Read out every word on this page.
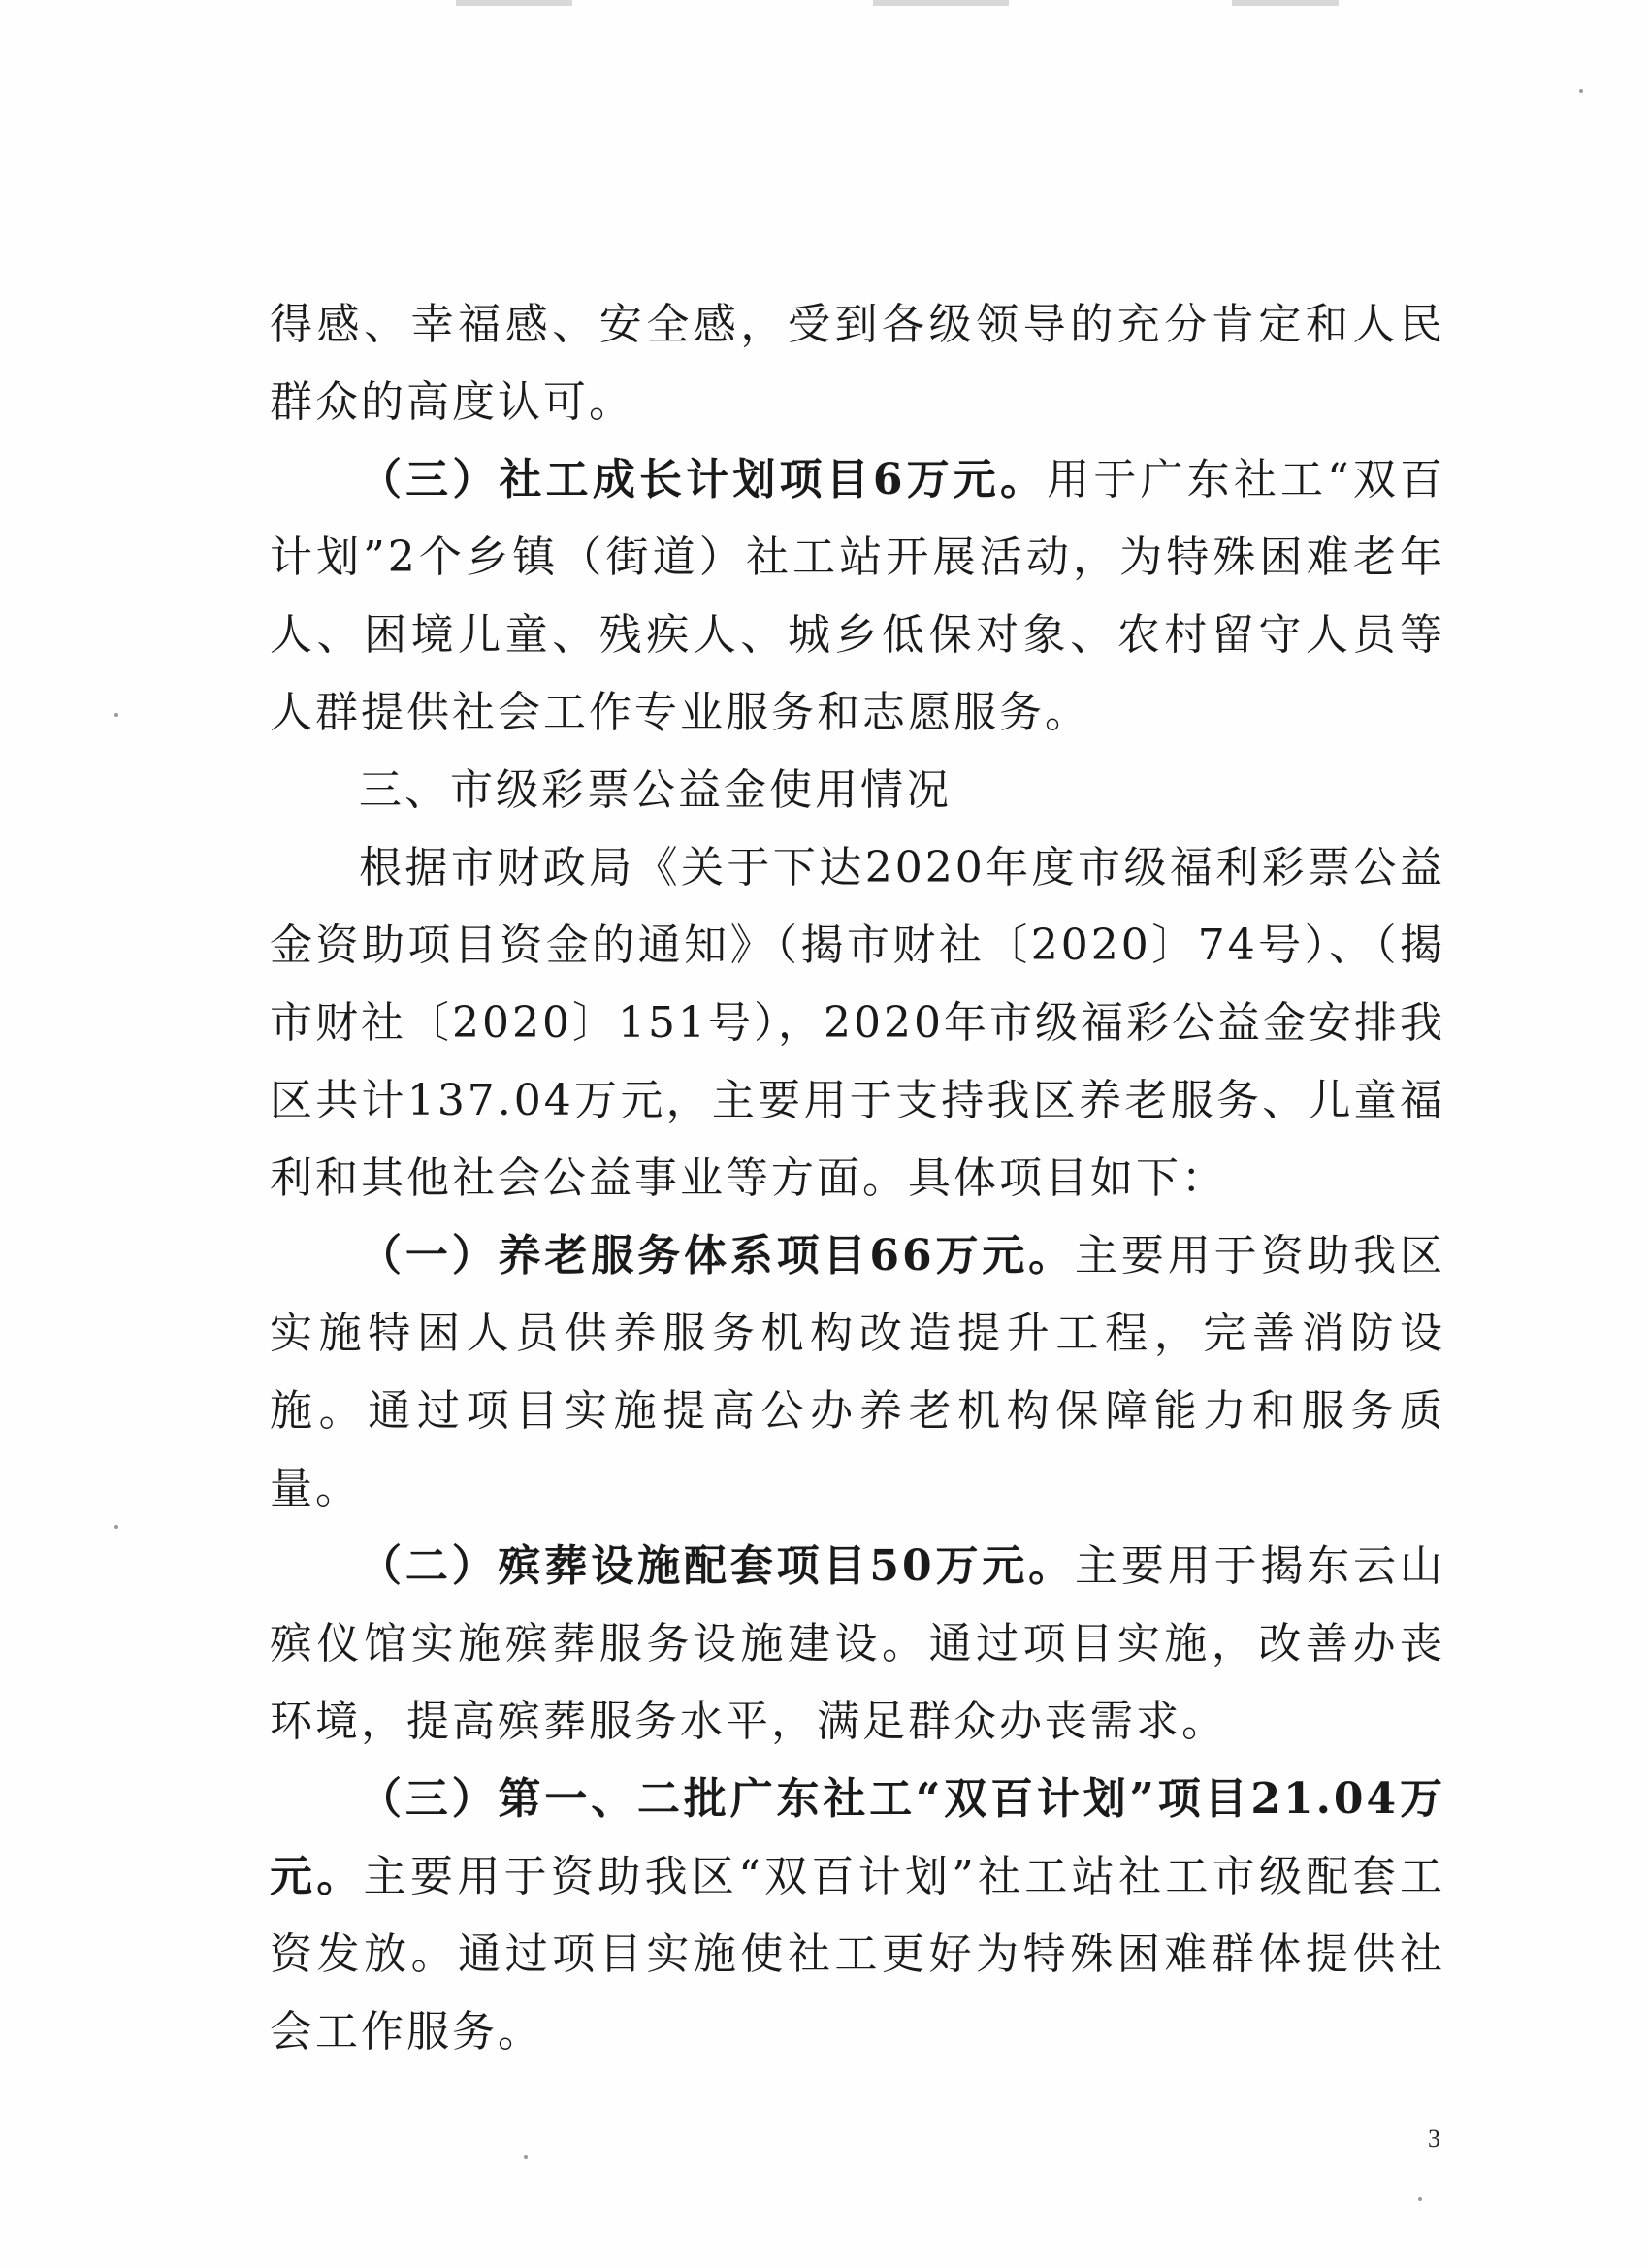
得感、幸福感、安全感，受到各级领导的充分肯定和人民群众的高度认可。

（三）社工成长计划项目6万元。用于广东社工“双百计划”2个乡镇（街道）社工站开展活动，为特殊困难老年人、困境儿童、残疾人、城乡低保对象、农村留守人员等人群提供社会工作专业服务和志愿服务。

三、市级彩票公益金使用情况

根据市财政局《关于下达2020年度市级福利彩票公益金资助项目资金的通知》（揭市财社〔2020〕74号）、（揭市财社〔2020〕151号），2020年市级福彩公益金安排我区共计137.04万元，主要用于支持我区养老服务、儿童福利和其他社会公益事业等方面。具体项目如下：

（一）养老服务体系项目66万元。主要用于资助我区实施特困人员供养服务机构改造提升工程，完善消防设施。通过项目实施提高公办养老机构保障能力和服务质量。

（二）殡葬设施配套项目50万元。主要用于揭东云山殡仪馆实施殡葬服务设施建设。通过项目实施，改善办丧环境，提高殡葬服务水平，满足群众办丧需求。

（三）第一、二批广东社工“双百计划”项目21.04万元。主要用于资助我区“双百计划”社工站社工市级配套工资发放。通过项目实施使社工更好为特殊困难群体提供社会工作服务。

3
